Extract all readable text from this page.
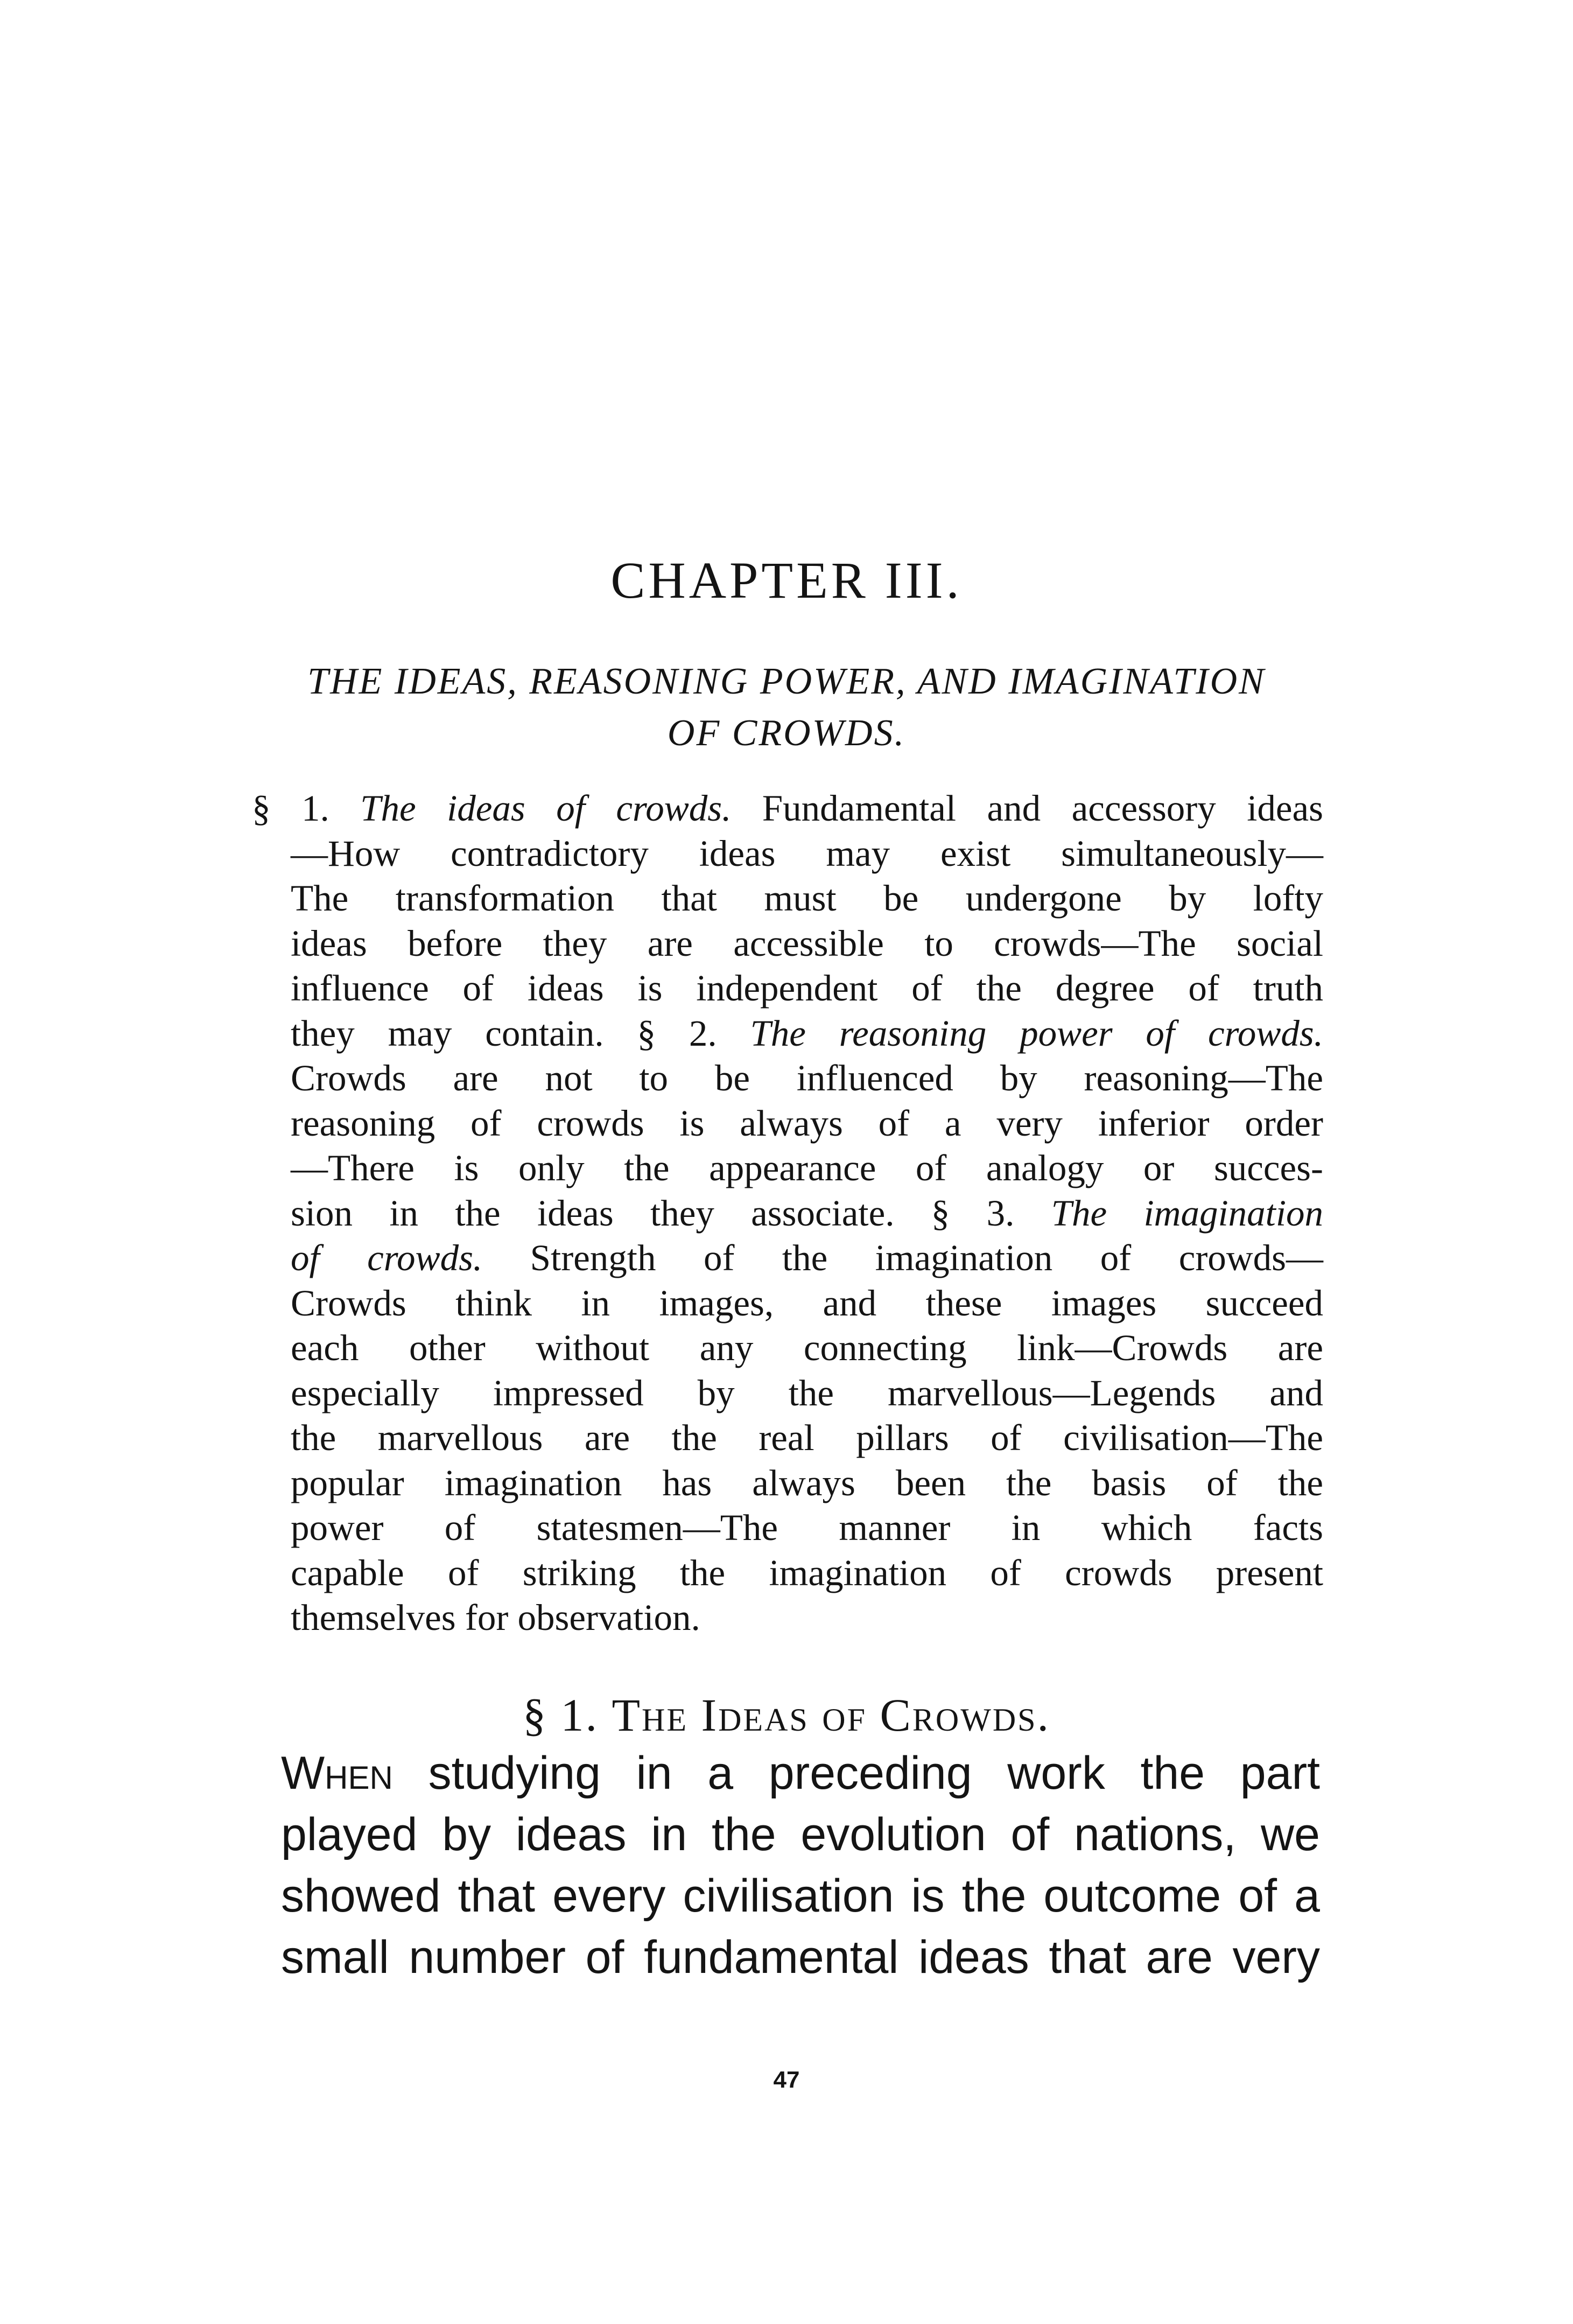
CHAPTER III.
THE IDEAS, REASONING POWER, AND IMAGINATION
OF CROWDS.
§ 1. The ideas of crowds. Fundamental and accessory ideas
—How contradictory ideas may exist simultaneously—
The transformation that must be undergone by lofty
ideas before they are accessible to crowds—The social
influence of ideas is independent of the degree of truth
they may contain. § 2. The reasoning power of crowds.
Crowds are not to be influenced by reasoning—The
reasoning of crowds is always of a very inferior order
—There is only the appearance of analogy or succes-
sion in the ideas they associate. § 3. The imagination
of crowds. Strength of the imagination of crowds—
Crowds think in images, and these images succeed
each other without any connecting link—Crowds are
especially impressed by the marvellous—Legends and
the marvellous are the real pillars of civilisation—The
popular imagination has always been the basis of the
power of statesmen—The manner in which facts
capable of striking the imagination of crowds present
themselves for observation.
§ 1. The Ideas of Crowds.
When studying in a preceding work the part
played by ideas in the evolution of nations, we
showed that every civilisation is the outcome of a
small number of fundamental ideas that are very
47
